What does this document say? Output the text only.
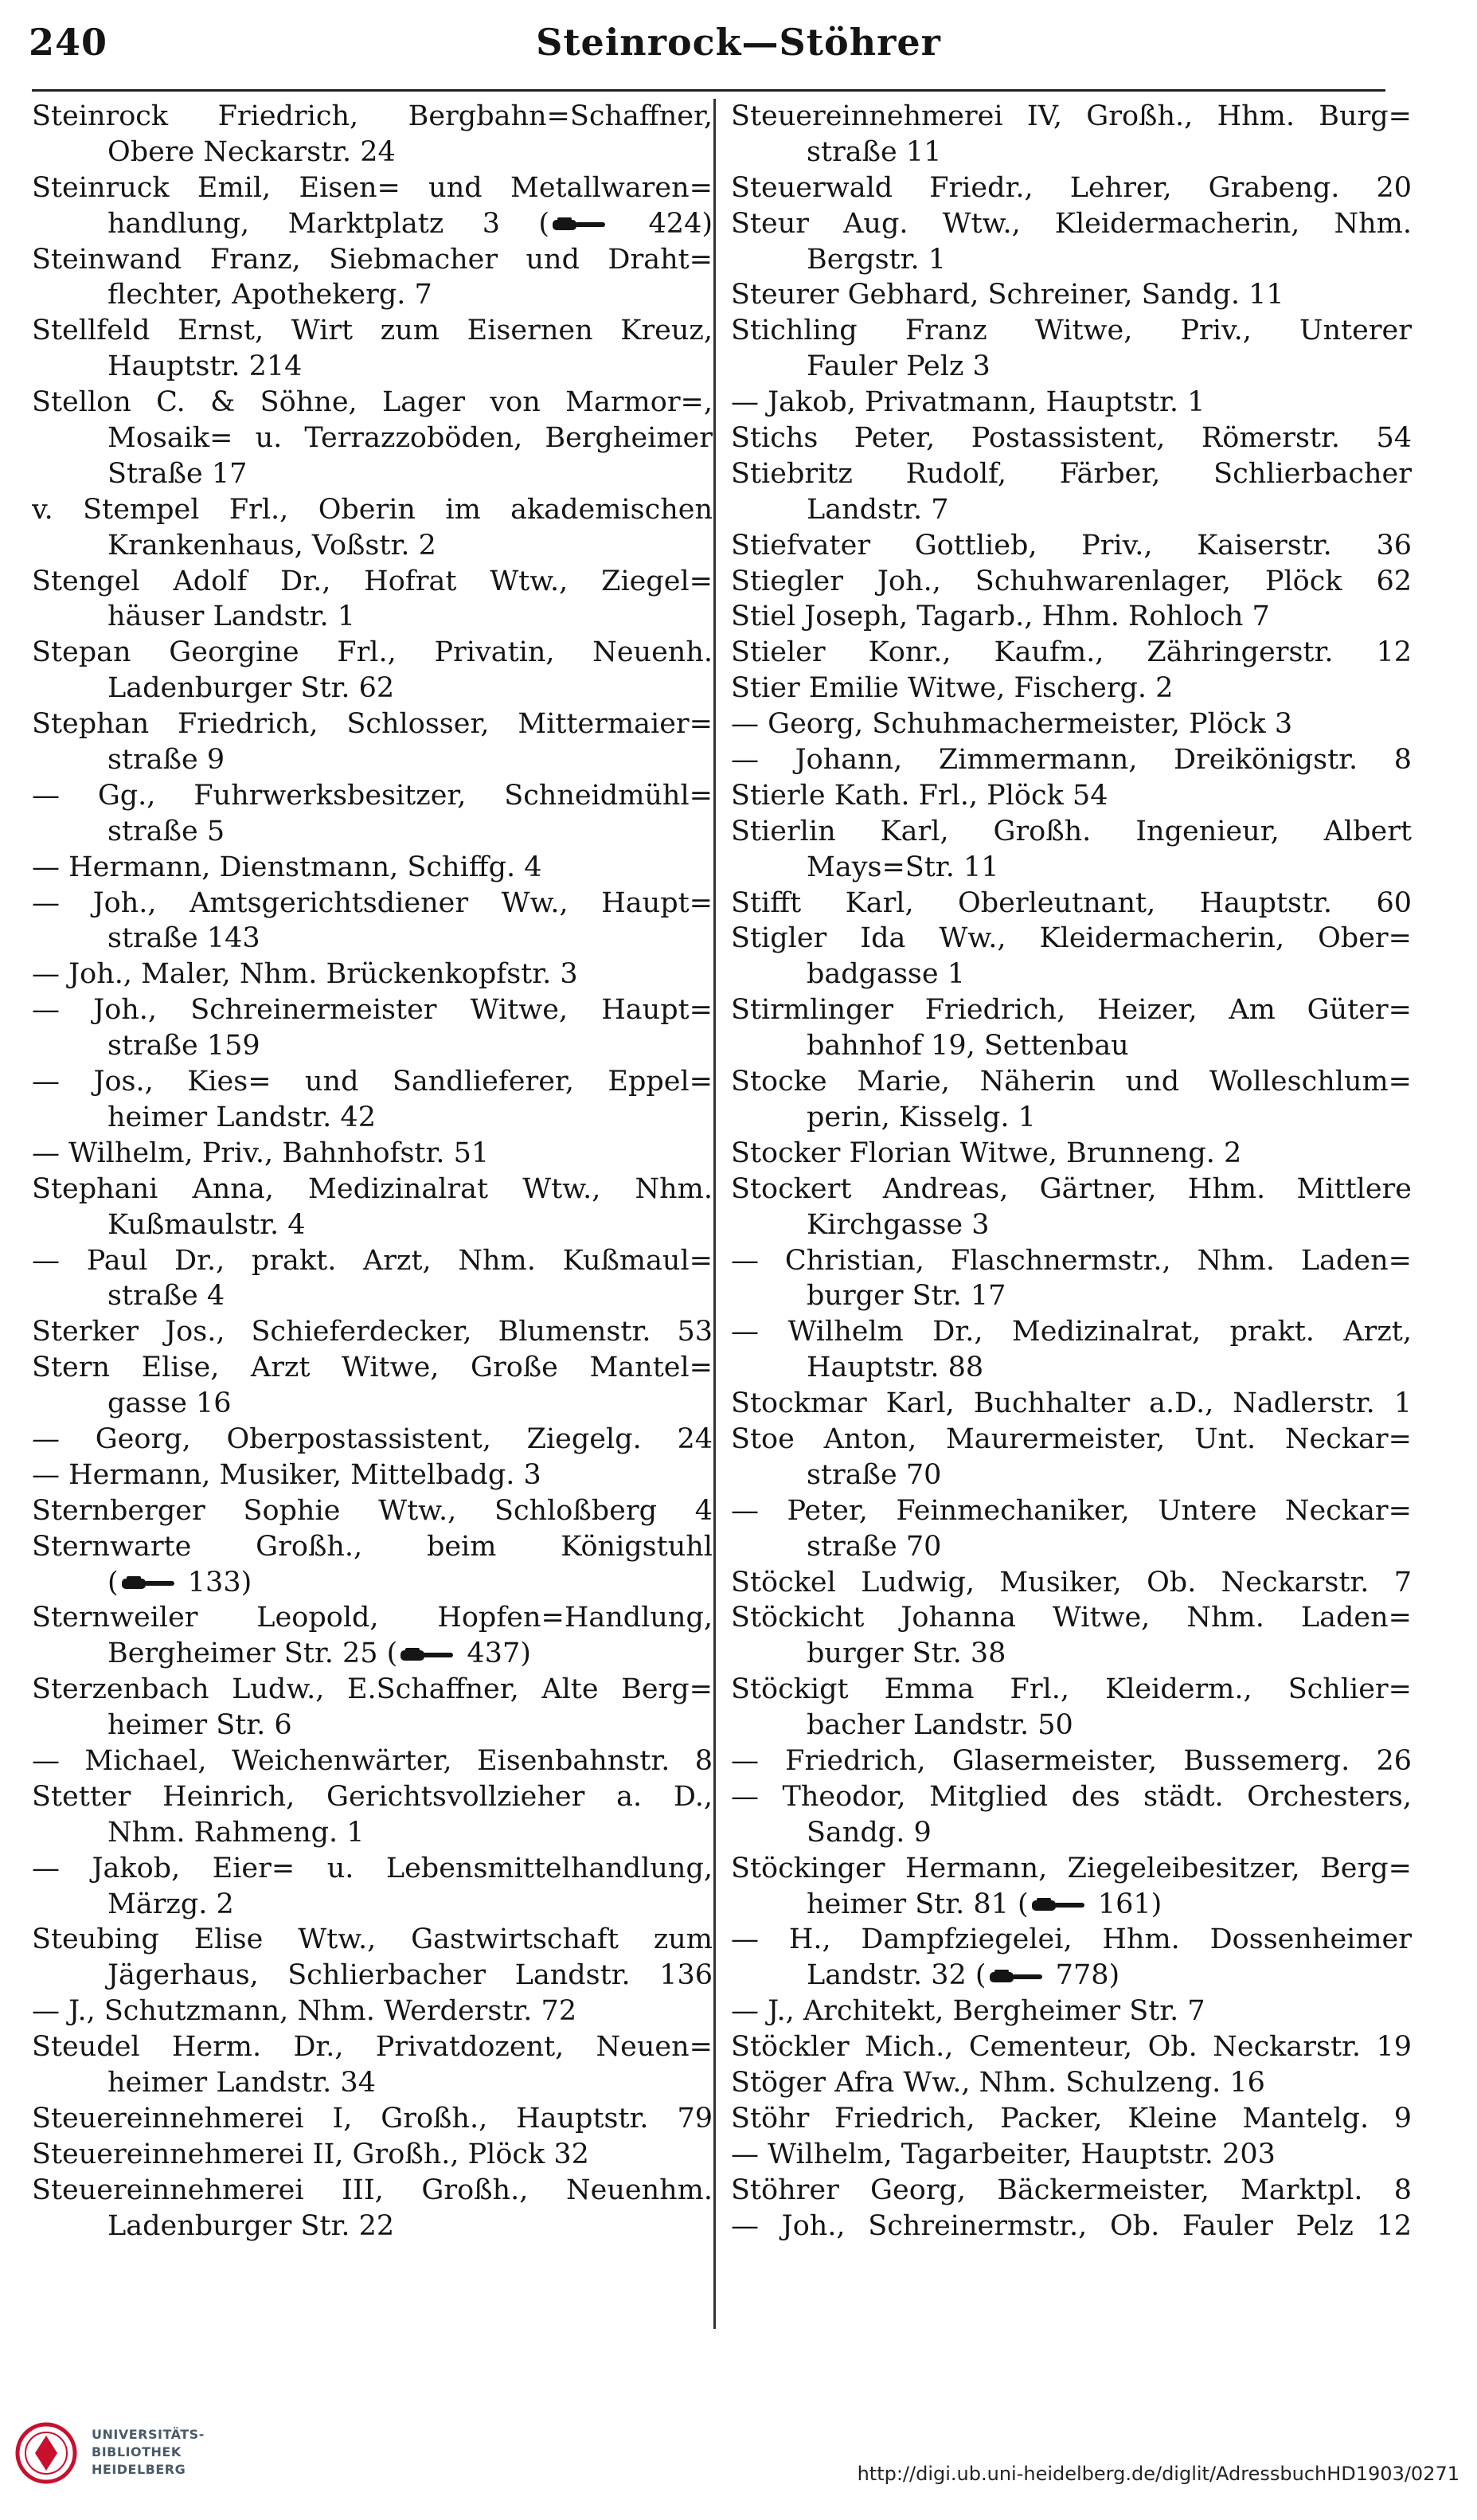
240	Steinrock—Stöhrer
Steinrock Friedrich, Bergbahn=Schaffner,
Obere Neckarstr. 24
Steinruck Emil, Eisen= und Metallwaren=
handlung, Marktplatz 3 ( 424)
Steinwand Franz, Siebmacher und Draht=
flechter, Apothekerg. 7
Stellfeld Ernst, Wirt zum Eisernen Kreuz,
Hauptstr. 214
Stellon C. & Söhne, Lager von Marmor=,
Mosaik= u. Terrazzoböden, Bergheimer
Straße 17
v. Stempel Frl., Oberin im akademischen
Krankenhaus, Voßstr. 2
Stengel Adolf Dr., Hofrat Wtw., Ziegel=
häuser Landstr. 1
Stepan Georgine Frl., Privatin, Neuenh.
Ladenburger Str. 62
Stephan Friedrich, Schlosser, Mittermaier=
straße 9
— Gg., Fuhrwerksbesitzer, Schneidmühl=
straße 5
— Hermann, Dienstmann, Schiffg. 4
— Joh., Amtsgerichtsdiener Ww., Haupt=
straße 143
— Joh., Maler, Nhm. Brückenkopfstr. 3
— Joh., Schreinermeister Witwe, Haupt=
straße 159
— Jos., Kies= und Sandlieferer, Eppel=
heimer Landstr. 42
— Wilhelm, Priv., Bahnhofstr. 51
Stephani Anna, Medizinalrat Wtw., Nhm.
Kußmaulstr. 4
— Paul Dr., prakt. Arzt, Nhm. Kußmaul=
straße 4
Sterker Jos., Schieferdecker, Blumenstr. 53
Stern Elise, Arzt Witwe, Große Mantel=
gasse 16
— Georg, Oberpostassistent, Ziegelg. 24
— Hermann, Musiker, Mittelbadg. 3
Sternberger Sophie Wtw., Schloßberg 4
Sternwarte Großh., beim Königstuhl
( 133)
Sternweiler Leopold, Hopfen=Handlung,
Bergheimer Str. 25 ( 437)
Sterzenbach Ludw., E.Schaffner, Alte Berg=
heimer Str. 6
— Michael, Weichenwärter, Eisenbahnstr. 8
Stetter Heinrich, Gerichtsvollzieher a. D.,
Nhm. Rahmeng. 1
— Jakob, Eier= u. Lebensmittelhandlung,
Märzg. 2
Steubing Elise Wtw., Gastwirtschaft zum
Jägerhaus, Schlierbacher Landstr. 136
— J., Schutzmann, Nhm. Werderstr. 72
Steudel Herm. Dr., Privatdozent, Neuen=
heimer Landstr. 34
Steuereinnehmerei I, Großh., Hauptstr. 79
Steuereinnehmerei II, Großh., Plöck 32
Steuereinnehmerei III, Großh., Neuenhm.
Ladenburger Str. 22
Steuereinnehmerei IV, Großh., Hhm. Burg=
straße 11
Steuerwald Friedr., Lehrer, Grabeng. 20
Steur Aug. Wtw., Kleidermacherin, Nhm.
Bergstr. 1
Steurer Gebhard, Schreiner, Sandg. 11
Stichling Franz Witwe, Priv., Unterer
Fauler Pelz 3
— Jakob, Privatmann, Hauptstr. 1
Stichs Peter, Postassistent, Römerstr. 54
Stiebritz Rudolf, Färber, Schlierbacher
Landstr. 7
Stiefvater Gottlieb, Priv., Kaiserstr. 36
Stiegler Joh., Schuhwarenlager, Plöck 62
Stiel Joseph, Tagarb., Hhm. Rohloch 7
Stieler Konr., Kaufm., Zähringerstr. 12
Stier Emilie Witwe, Fischerg. 2
— Georg, Schuhmachermeister, Plöck 3
— Johann, Zimmermann, Dreikönigstr. 8
Stierle Kath. Frl., Plöck 54
Stierlin Karl, Großh. Ingenieur, Albert
Mays=Str. 11
Stifft Karl, Oberleutnant, Hauptstr. 60
Stigler Ida Ww., Kleidermacherin, Ober=
badgasse 1
Stirmlinger Friedrich, Heizer, Am Güter=
bahnhof 19, Settenbau
Stocke Marie, Näherin und Wolleschlum=
perin, Kisselg. 1
Stocker Florian Witwe, Brunneng. 2
Stockert Andreas, Gärtner, Hhm. Mittlere
Kirchgasse 3
— Christian, Flaschnermstr., Nhm. Laden=
burger Str. 17
— Wilhelm Dr., Medizinalrat, prakt. Arzt,
Hauptstr. 88
Stockmar Karl, Buchhalter a.D., Nadlerstr. 1
Stoe Anton, Maurermeister, Unt. Neckar=
straße 70
— Peter, Feinmechaniker, Untere Neckar=
straße 70
Stöckel Ludwig, Musiker, Ob. Neckarstr. 7
Stöckicht Johanna Witwe, Nhm. Laden=
burger Str. 38
Stöckigt Emma Frl., Kleiderm., Schlier=
bacher Landstr. 50
— Friedrich, Glasermeister, Bussemerg. 26
— Theodor, Mitglied des städt. Orchesters,
Sandg. 9
Stöckinger Hermann, Ziegeleibesitzer, Berg=
heimer Str. 81 ( 161)
— H., Dampfziegelei, Hhm. Dossenheimer
Landstr. 32 ( 778)
— J., Architekt, Bergheimer Str. 7
Stöckler Mich., Cementeur, Ob. Neckarstr. 19
Stöger Afra Ww., Nhm. Schulzeng. 16
Stöhr Friedrich, Packer, Kleine Mantelg. 9
— Wilhelm, Tagarbeiter, Hauptstr. 203
Stöhrer Georg, Bäckermeister, Marktpl. 8
— Joh., Schreinermstr., Ob. Fauler Pelz 12
UNIVERSITÄTS-
BIBLIOTHEK
HEIDELBERG	http://digi.ub.uni-heidelberg.de/diglit/AdressbuchHD1903/0271
